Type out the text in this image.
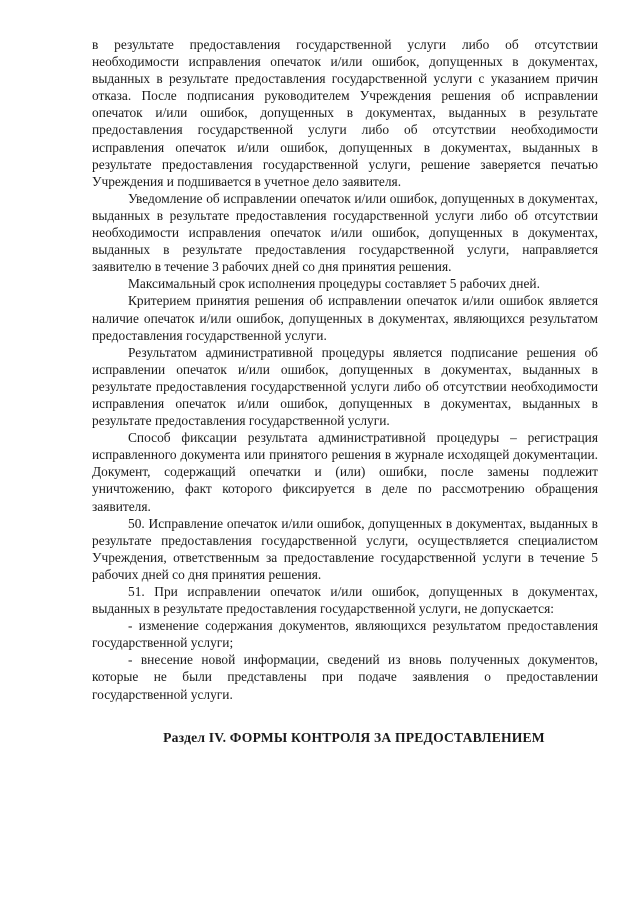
в результате предоставления государственной услуги либо об отсутствии необходимости исправления опечаток и/или ошибок, допущенных в документах, выданных в результате предоставления государственной услуги с указанием причин отказа. После подписания руководителем Учреждения решения об исправлении опечаток и/или ошибок, допущенных в документах, выданных в результате предоставления государственной услуги либо об отсутствии необходимости исправления опечаток и/или ошибок, допущенных в документах, выданных в результате предоставления государственной услуги, решение заверяется печатью Учреждения и подшивается в учетное дело заявителя.

Уведомление об исправлении опечаток и/или ошибок, допущенных в документах, выданных в результате предоставления государственной услуги либо об отсутствии необходимости исправления опечаток и/или ошибок, допущенных в документах, выданных в результате предоставления государственной услуги, направляется заявителю в течение 3 рабочих дней со дня принятия решения.

Максимальный срок исполнения процедуры составляет 5 рабочих дней.

Критерием принятия решения об исправлении опечаток и/или ошибок является наличие опечаток и/или ошибок, допущенных в документах, являющихся результатом предоставления государственной услуги.

Результатом административной процедуры является подписание решения об исправлении опечаток и/или ошибок, допущенных в документах, выданных в результате предоставления государственной услуги либо об отсутствии необходимости исправления опечаток и/или ошибок, допущенных в документах, выданных в результате предоставления государственной услуги.

Способ фиксации результата административной процедуры – регистрация исправленного документа или принятого решения в журнале исходящей документации. Документ, содержащий опечатки и (или) ошибки, после замены подлежит уничтожению, факт которого фиксируется в деле по рассмотрению обращения заявителя.

50. Исправление опечаток и/или ошибок, допущенных в документах, выданных в результате предоставления государственной услуги, осуществляется специалистом Учреждения, ответственным за предоставление государственной услуги в течение 5 рабочих дней со дня принятия решения.

51. При исправлении опечаток и/или ошибок, допущенных в документах, выданных в результате предоставления государственной услуги, не допускается:

- изменение содержания документов, являющихся результатом предоставления государственной услуги;

- внесение новой информации, сведений из вновь полученных документов, которые не были представлены при подаче заявления о предоставлении государственной услуги.

Раздел IV. ФОРМЫ КОНТРОЛЯ ЗА ПРЕДОСТАВЛЕНИЕМ
